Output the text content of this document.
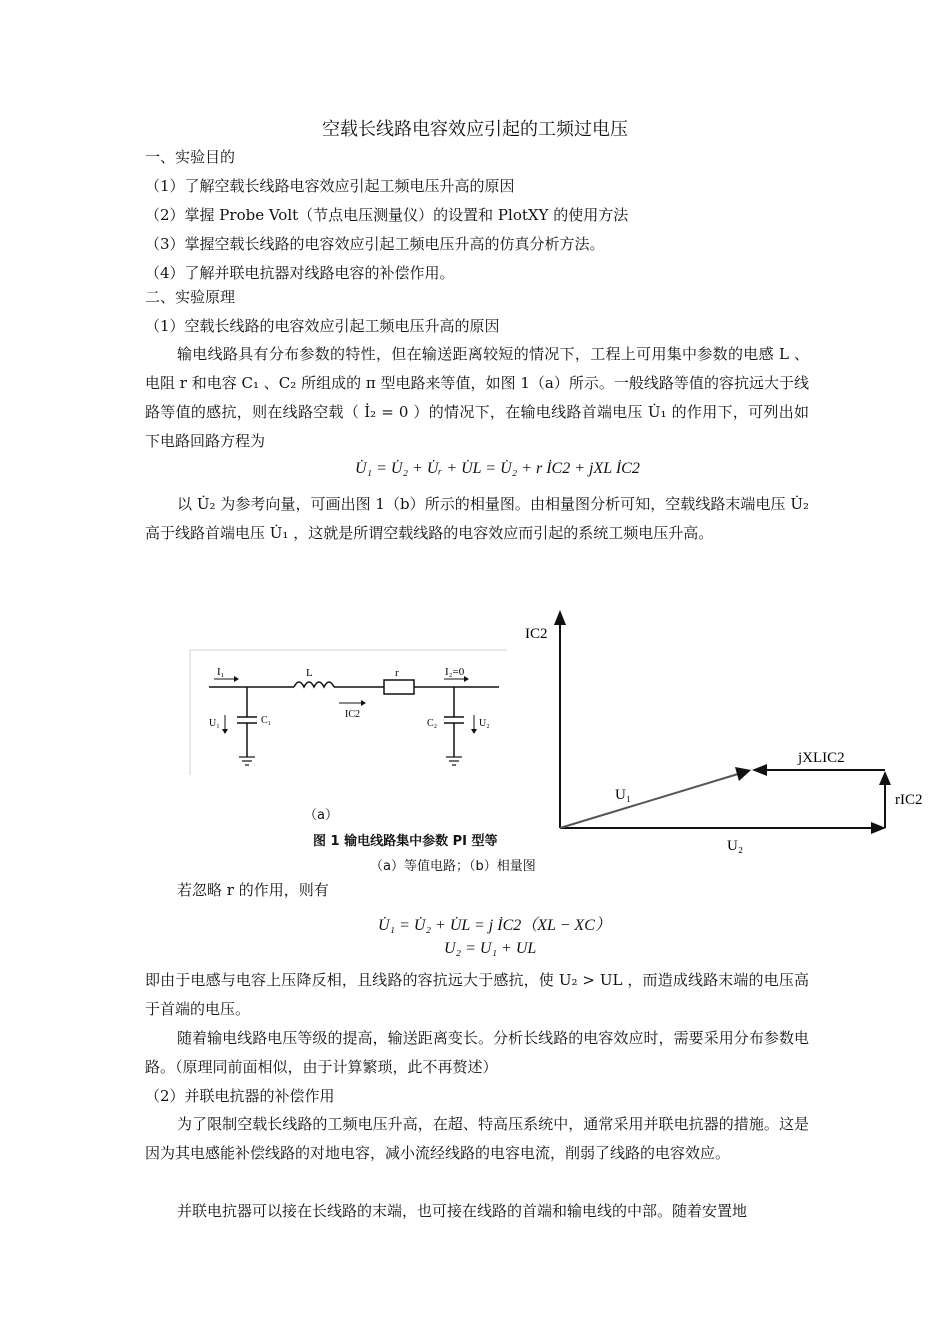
空载长线路电容效应引起的工频过电压
一、实验目的
（1）了解空载长线路电容效应引起工频电压升高的原因
（2）掌握 Probe Volt（节点电压测量仪）的设置和 PlotXY 的使用方法
（3）掌握空载长线路的电容效应引起工频电压升高的仿真分析方法。
（4）了解并联电抗器对线路电容的补偿作用。
二、实验原理
（1）空载长线路的电容效应引起工频电压升高的原因
输电线路具有分布参数的特性，但在输送距离较短的情况下，工程上可用集中参数的电感 L 、电阻 r 和电容 C₁ 、C₂ 所组成的 π 型电路来等值，如图 1（a）所示。一般线路等值的容抗远大于线路等值的感抗，则在线路空载（ İ₂ = 0 ）的情况下，在输电线路首端电压 U̇₁ 的作用下，可列出如下电路回路方程为
U̇₁ = U̇₂ + U̇ᵣ + U̇L = U̇₂ + r İC2 + jXL İC2
以 U̇₂ 为参考向量，可画出图 1（b）所示的相量图。由相量图分析可知，空载线路末端电压 U̇₂ 高于线路首端电压 U̇₁ ，这就是所谓空载线路的电容效应而引起的系统工频电压升高。
I₁	L	r	I₂=0
IC2
U₁	C₁	C₂	U₂
（a）
图 1 输电线路集中参数 PI 型等
（a）等值电路；（b）相量图
IC2
jXLIC2
U₁	rIC2
U₂
若忽略 r 的作用，则有
U̇₁ = U̇₂ + U̇L = j İC2（XL − XC）
U₂ = U₁ + UL
即由于电感与电容上压降反相，且线路的容抗远大于感抗，使 U₂ > UL ，而造成线路末端的电压高于首端的电压。
随着输电线路电压等级的提高，输送距离变长。分析长线路的电容效应时，需要采用分布参数电路。（原理同前面相似，由于计算繁琐，此不再赘述）
（2）并联电抗器的补偿作用
为了限制空载长线路的工频电压升高，在超、特高压系统中，通常采用并联电抗器的措施。这是因为其电感能补偿线路的对地电容，减小流经线路的电容电流，削弱了线路的电容效应。
并联电抗器可以接在长线路的末端，也可接在线路的首端和输电线的中部。随着安置地
